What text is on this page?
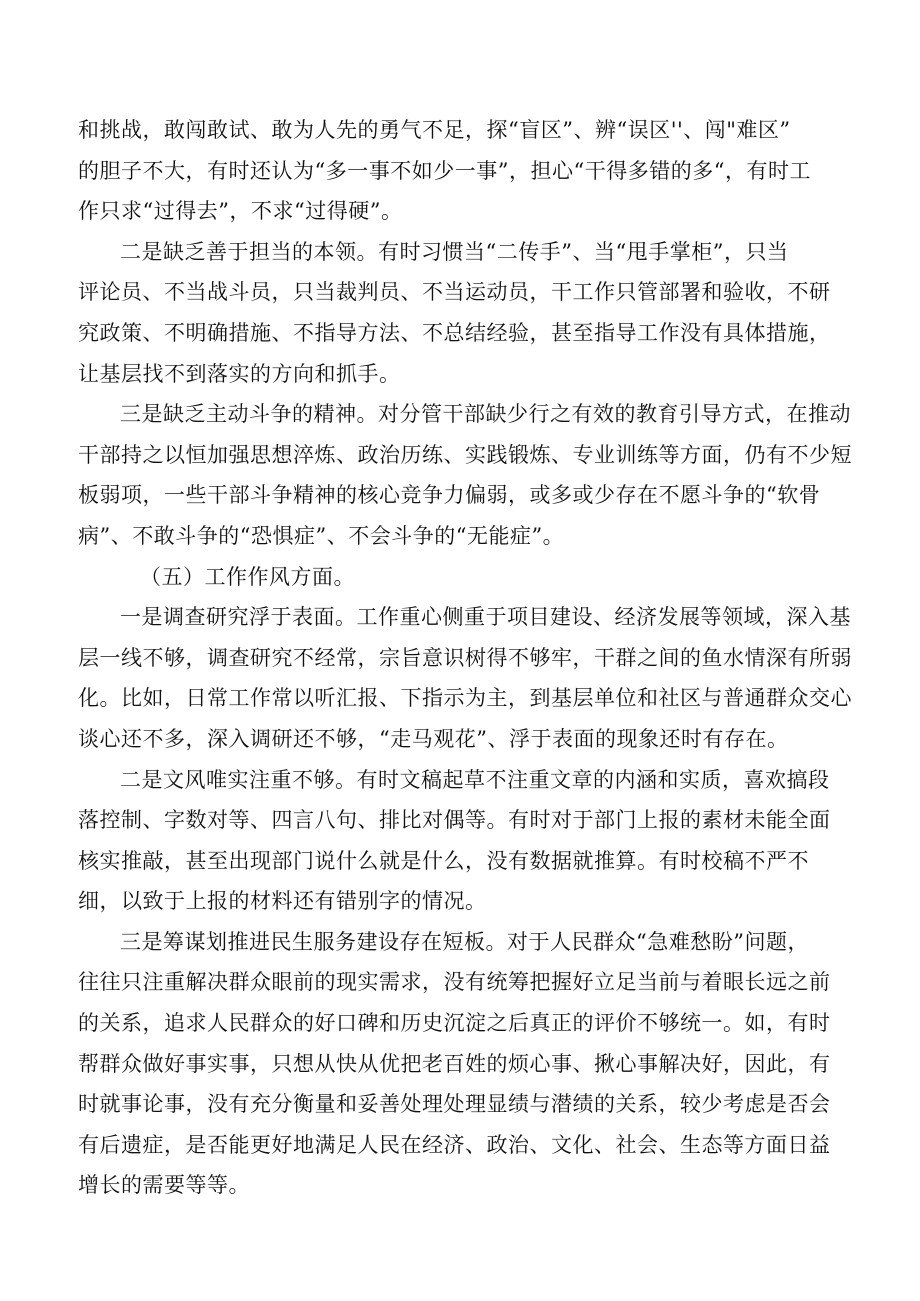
和挑战，敢闯敢试、敢为人先的勇气不足，探“盲区”、辨“误区''、闯"难区”
的胆子不大，有时还认为“多一事不如少一事”，担心“干得多错的多“，有时工
作只求“过得去”，不求“过得硬”。
二是缺乏善于担当的本领。有时习惯当“二传手”、当“甩手掌柜”，只当
评论员、不当战斗员，只当裁判员、不当运动员，干工作只管部署和验收，不研
究政策、不明确措施、不指导方法、不总结经验，甚至指导工作没有具体措施，
让基层找不到落实的方向和抓手。
三是缺乏主动斗争的精神。对分管干部缺少行之有效的教育引导方式，在推动
干部持之以恒加强思想淬炼、政治历练、实践锻炼、专业训练等方面，仍有不少短
板弱项，一些干部斗争精神的核心竞争力偏弱，或多或少存在不愿斗争的“软骨
病”、不敢斗争的“恐惧症”、不会斗争的“无能症”。
（五）工作作风方面。
一是调查研究浮于表面。工作重心侧重于项目建设、经济发展等领域，深入基
层一线不够，调查研究不经常，宗旨意识树得不够牢，干群之间的鱼水情深有所弱
化。比如，日常工作常以听汇报、下指示为主，到基层单位和社区与普通群众交心
谈心还不多，深入调研还不够，“走马观花”、浮于表面的现象还时有存在。
二是文风唯实注重不够。有时文稿起草不注重文章的内涵和实质，喜欢搞段
落控制、字数对等、四言八句、排比对偶等。有时对于部门上报的素材未能全面
核实推敲，甚至出现部门说什么就是什么，没有数据就推算。有时校稿不严不
细，以致于上报的材料还有错别字的情况。
三是筹谋划推进民生服务建设存在短板。对于人民群众“急难愁盼”问题，
往往只注重解决群众眼前的现实需求，没有统筹把握好立足当前与着眼长远之前
的关系，追求人民群众的好口碑和历史沉淀之后真正的评价不够统一。如，有时
帮群众做好事实事，只想从快从优把老百姓的烦心事、揪心事解决好，因此，有
时就事论事，没有充分衡量和妥善处理处理显绩与潜绩的关系，较少考虑是否会
有后遗症，是否能更好地满足人民在经济、政治、文化、社会、生态等方面日益
增长的需要等等。
